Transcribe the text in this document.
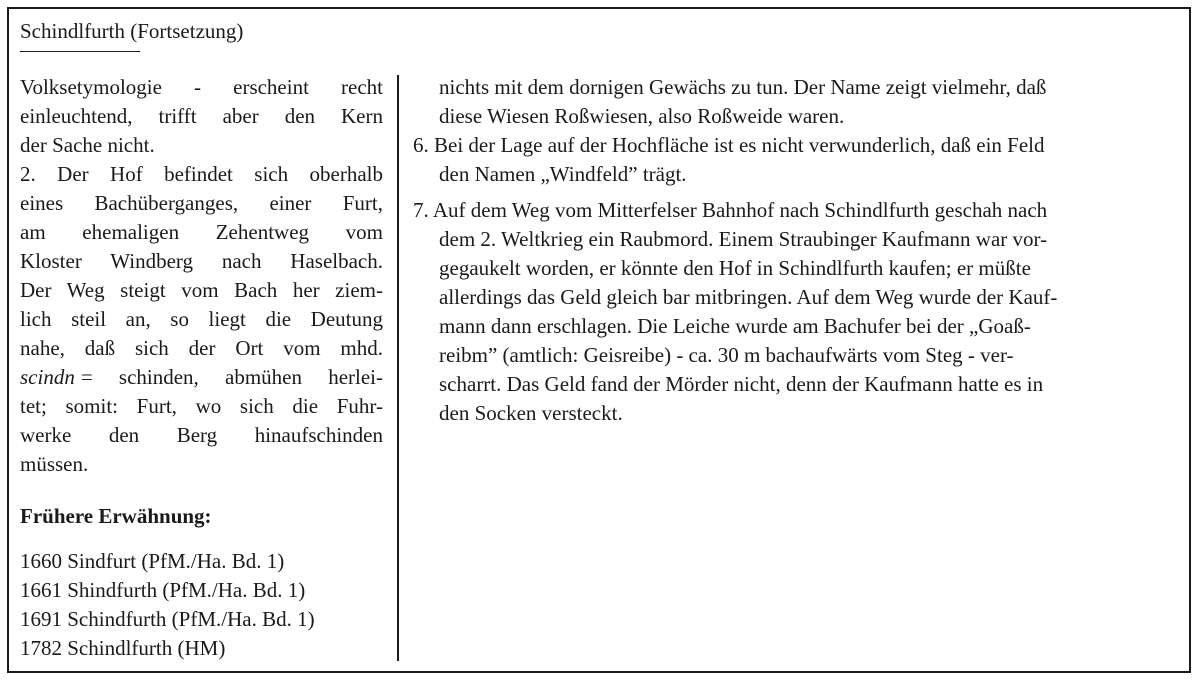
Schindlfurth (Fortsetzung)
Volksetymologie - erscheint recht
einleuchtend, trifft aber den Kern
der Sache nicht.
2. Der Hof befindet sich oberhalb
eines Bachüberganges, einer Furt,
am ehemaligen Zehentweg vom
Kloster Windberg nach Haselbach.
Der Weg steigt vom Bach her ziem-
lich steil an, so liegt die Deutung
nahe, daß sich der Ort vom mhd.
scindn = schinden, abmühen herlei-
tet; somit: Furt, wo sich die Fuhr-
werke den Berg hinaufschinden
müssen.
Frühere Erwähnung:
1660 Sindfurt (PfM./Ha. Bd. 1)
1661 Shindfurth (PfM./Ha. Bd. 1)
1691 Schindfurth (PfM./Ha. Bd. 1)
1782 Schindlfurth (HM)
nichts mit dem dornigen Gewächs zu tun. Der Name zeigt vielmehr, daß
diese Wiesen Roßwiesen, also Roßweide waren.
6. Bei der Lage auf der Hochfläche ist es nicht verwunderlich, daß ein Feld
den Namen „Windfeld” trägt.
7. Auf dem Weg vom Mitterfelser Bahnhof nach Schindlfurth geschah nach
dem 2. Weltkrieg ein Raubmord. Einem Straubinger Kaufmann war vor-
gegaukelt worden, er könnte den Hof in Schindlfurth kaufen; er müßte
allerdings das Geld gleich bar mitbringen. Auf dem Weg wurde der Kauf-
mann dann erschlagen. Die Leiche wurde am Bachufer bei der „Goaß-
reibm” (amtlich: Geisreibe) - ca. 30 m bachaufwärts vom Steg - ver-
scharrt. Das Geld fand der Mörder nicht, denn der Kaufmann hatte es in
den Socken versteckt.
